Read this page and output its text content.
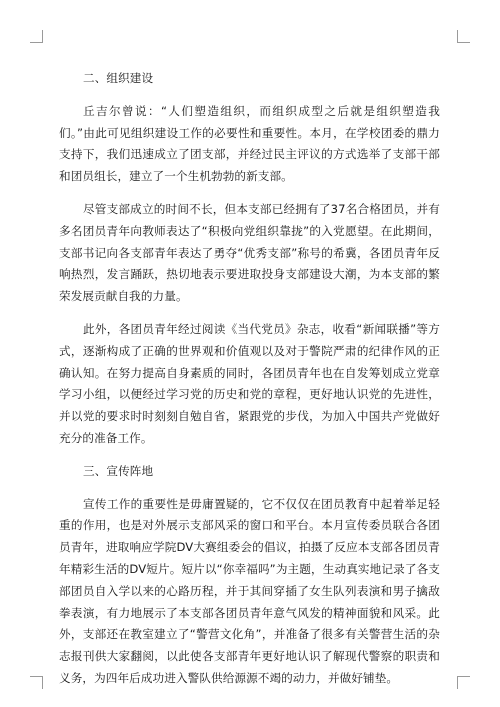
二、组织建设

丘吉尔曾说：“人们塑造组织，而组织成型之后就是组织塑造我们。”由此可见组织建设工作的必要性和重要性。本月，在学校团委的鼎力支持下，我们迅速成立了团支部，并经过民主评议的方式选举了支部干部和团员组长，建立了一个生机勃勃的新支部。

尽管支部成立的时间不长，但本支部已经拥有了37名合格团员，并有多名团员青年向教师表达了“积极向党组织靠拢”的入党愿望。在此期间，支部书记向各支部青年表达了勇夺“优秀支部”称号的希冀，各团员青年反响热烈，发言踊跃，热切地表示要进取投身支部建设大潮，为本支部的繁荣发展贡献自我的力量。

此外，各团员青年经过阅读《当代党员》杂志，收看“新闻联播”等方式，逐渐构成了正确的世界观和价值观以及对于警院严肃的纪律作风的正确认知。在努力提高自身素质的同时，各团员青年也在自发筹划成立党章学习小组，以便经过学习党的历史和党的章程，更好地认识党的先进性，并以党的要求时时刻刻自勉自省，紧跟党的步伐，为加入中国共产党做好充分的准备工作。

三、宣传阵地

宣传工作的重要性是毋庸置疑的，它不仅仅在团员教育中起着举足轻重的作用，也是对外展示支部风采的窗口和平台。本月宣传委员联合各团员青年，进取响应学院DV大赛组委会的倡议，拍摄了反应本支部各团员青年精彩生活的DV短片。短片以“你幸福吗”为主题，生动真实地记录了各支部团员自入学以来的心路历程，并于其间穿插了女生队列表演和男子擒敌拳表演，有力地展示了本支部各团员青年意气风发的精神面貌和风采。此外，支部还在教室建立了“警营文化角”，并准备了很多有关警营生活的杂志报刊供大家翻阅，以此使各支部青年更好地认识了解现代警察的职责和义务，为四年后成功进入警队供给源源不竭的动力，并做好铺垫。
